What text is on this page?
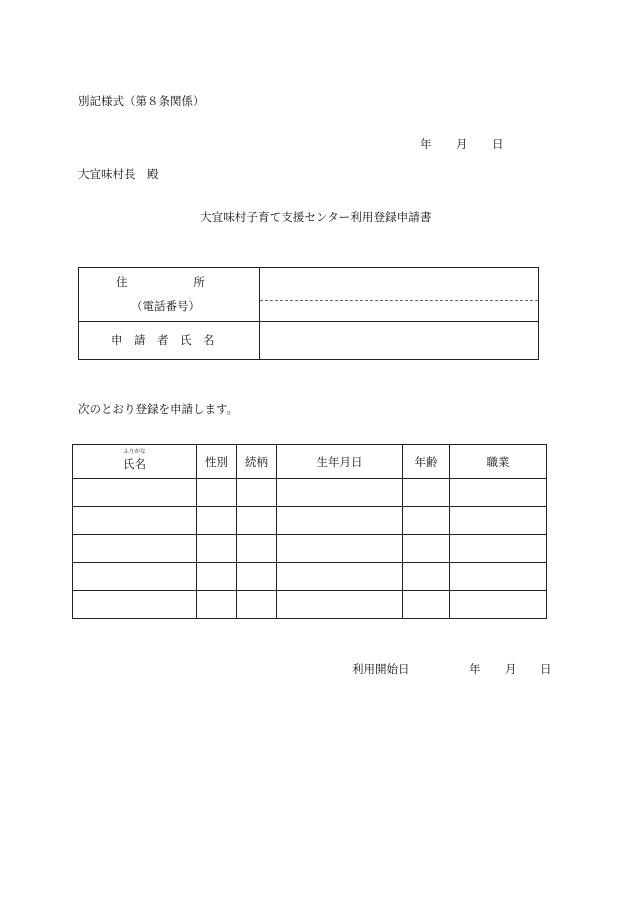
別記様式（第８条関係）
年 月 日
大宜味村長　殿
大宜味村子育て支援センター利用登録申請書
住	所
（電話番号）
申　請　者　氏　名
次のとおり登録を申請します。
ふりがな
氏名	性別	続柄	生年月日	年齢	職業

利用開始日	年 月 日
